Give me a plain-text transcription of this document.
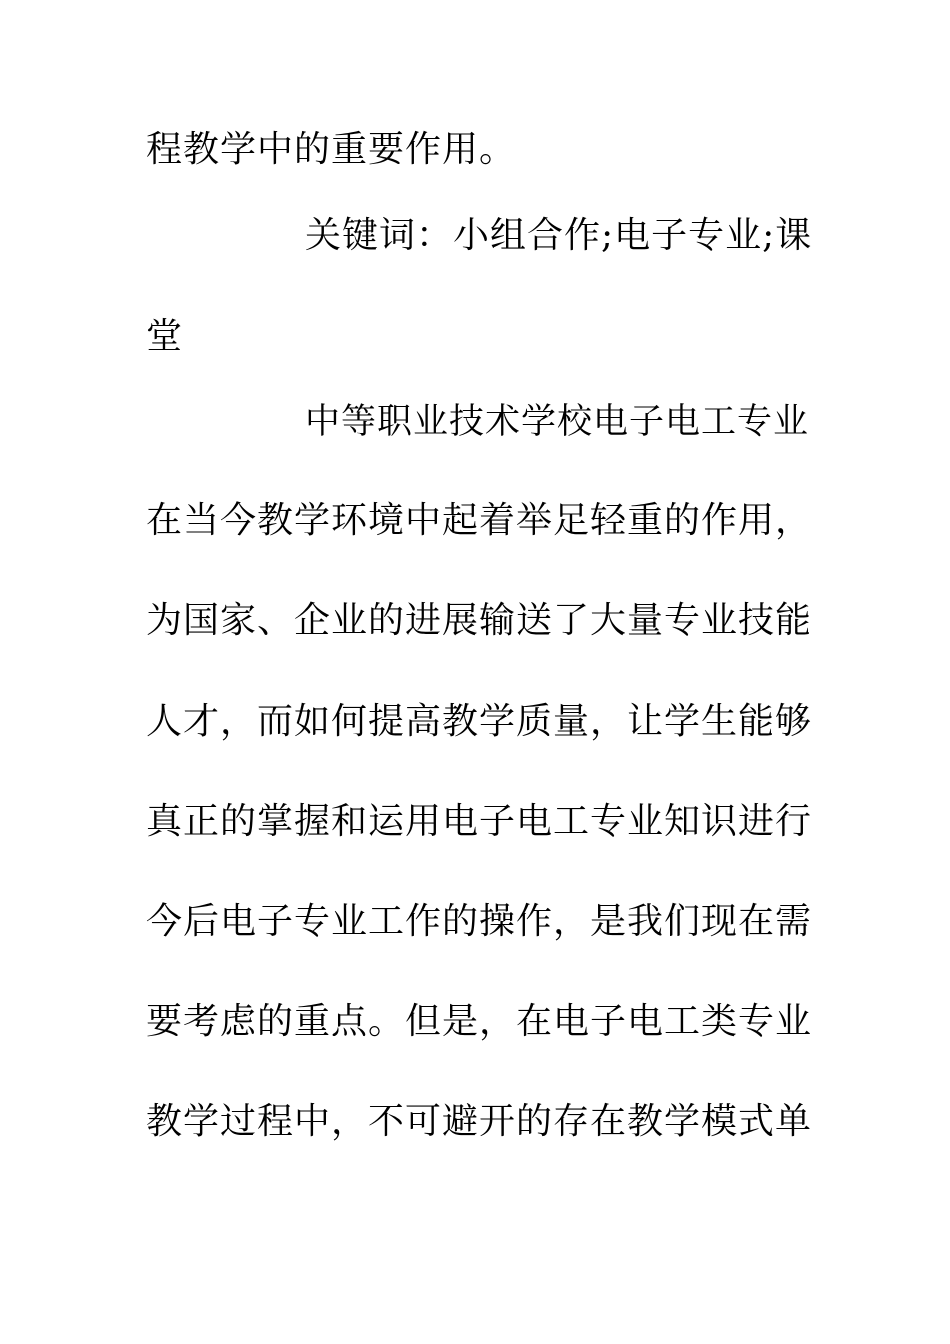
程教学中的重要作用。
关键词：小组合作;电子专业;课
堂
中等职业技术学校电子电工专业
在当今教学环境中起着举足轻重的作用，
为国家、企业的进展输送了大量专业技能
人才，而如何提高教学质量，让学生能够
真正的掌握和运用电子电工专业知识进行
今后电子专业工作的操作，是我们现在需
要考虑的重点。但是，在电子电工类专业
教学过程中，不可避开的存在教学模式单
